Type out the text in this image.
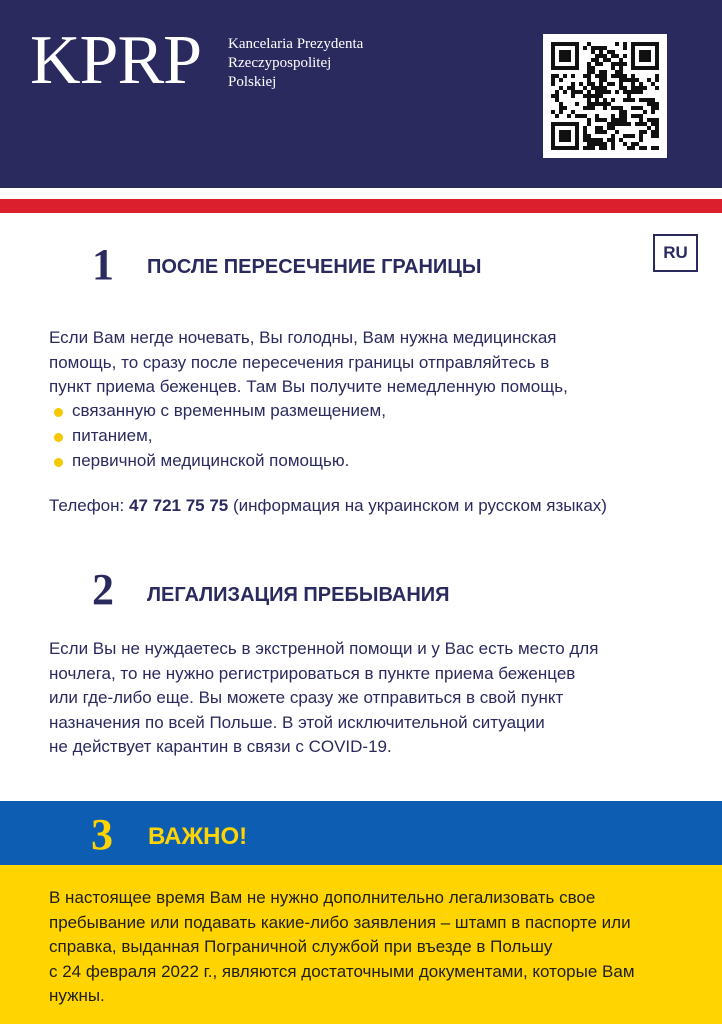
KPRP Kancelaria Prezydenta
Rzeczypospolitej
Polskiej
RU
1 ПОСЛЕ ПЕРЕСЕЧЕНИЕ ГРАНИЦЫ
Если Вам негде ночевать, Вы голодны, Вам нужна медицинская
помощь, то сразу после пересечения границы отправляйтесь в
пункт приема беженцев. Там Вы получите немедленную помощь,
связанную с временным размещением,
питанием,
первичной медицинской помощью.
Телефон: 47 721 75 75 (информация на украинском и русском языках)
2 ЛЕГАЛИЗАЦИЯ ПРЕБЫВАНИЯ
Если Вы не нуждаетесь в экстренной помощи и у Вас есть место для
ночлега, то не нужно регистрироваться в пункте приема беженцев
или где-либо еще. Вы можете сразу же отправиться в свой пункт
назначения по всей Польше. В этой исключительной ситуации
не действует карантин в связи с COVID-19.
3 ВАЖНО!
В настоящее время Вам не нужно дополнительно легализовать свое
пребывание или подавать какие-либо заявления – штамп в паспорте или
справка, выданная Пограничной службой при въезде в Польшу
с 24 февраля 2022 г., являются достаточными документами, которые Вам
нужны.
